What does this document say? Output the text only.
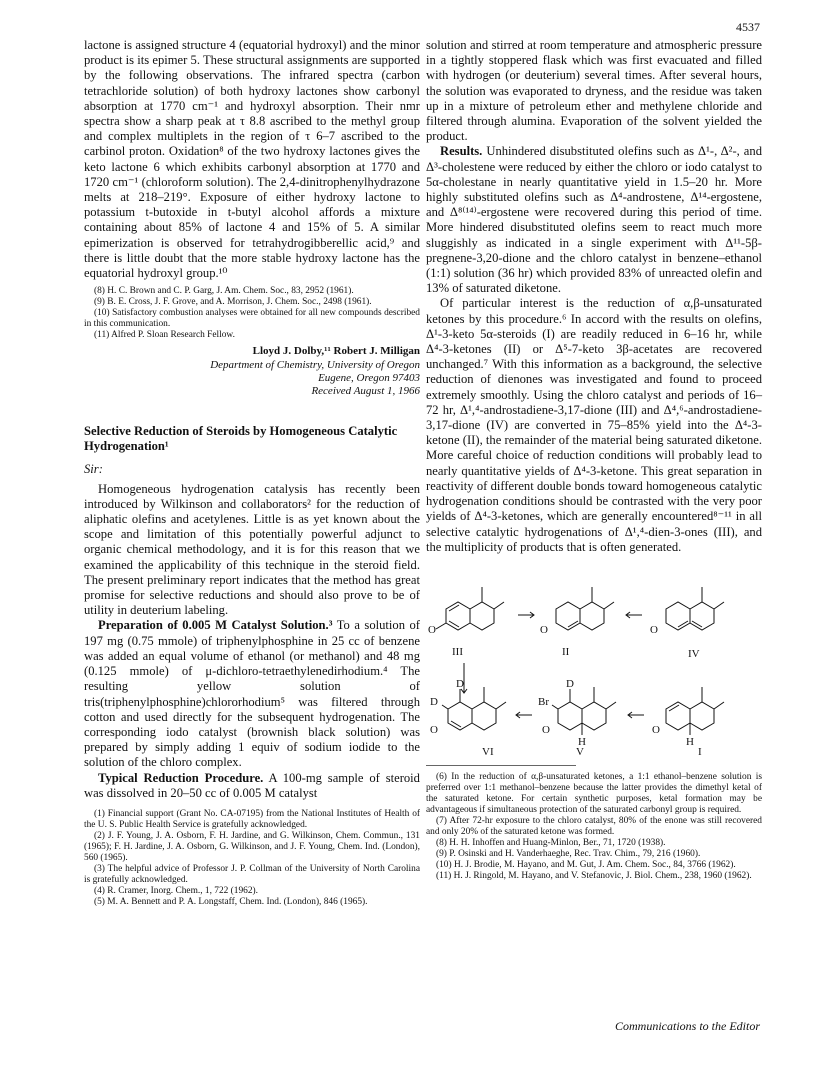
4537

lactone is assigned structure 4 (equatorial hydroxyl) and the minor product is its epimer 5. These structural assignments are supported by the following observations. The infrared spectra (carbon tetrachloride solution) of both hydroxy lactones show carbonyl absorption at 1770 cm⁻¹ and hydroxyl absorption. Their nmr spectra show a sharp peak at τ 8.8 ascribed to the methyl group and complex multiplets in the region of τ 6–7 ascribed to the carbinol proton. Oxidation⁸ of the two hydroxy lactones gives the keto lactone 6 which exhibits carbonyl absorption at 1770 and 1720 cm⁻¹ (chloroform solution). The 2,4-dinitrophenylhydrazone melts at 218–219°. Exposure of either hydroxy lactone to potassium t-butoxide in t-butyl alcohol affords a mixture containing about 85% of lactone 4 and 15% of 5. A similar epimerization is observed for tetrahydrogibberellic acid,⁹ and there is little doubt that the more stable hydroxy lactone has the equatorial hydroxyl group.¹⁰

(8) H. C. Brown and C. P. Garg, J. Am. Chem. Soc., 83, 2952 (1961).
(9) B. E. Cross, J. F. Grove, and A. Morrison, J. Chem. Soc., 2498 (1961).
(10) Satisfactory combustion analyses were obtained for all new compounds described in this communication.
(11) Alfred P. Sloan Research Fellow.
Lloyd J. Dolby,¹¹ Robert J. Milligan
Department of Chemistry, University of Oregon
Eugene, Oregon 97403
Received August 1, 1966
Selective Reduction of Steroids by Homogeneous Catalytic Hydrogenation¹
Sir:

Homogeneous hydrogenation catalysis has recently been introduced by Wilkinson and collaborators² for the reduction of aliphatic olefins and acetylenes. Little is as yet known about the scope and limitation of this potentially powerful adjunct to organic chemical methodology, and it is for this reason that we examined the applicability of this technique in the steroid field. The present preliminary report indicates that the method has great promise for selective reductions and should also prove to be of utility in deuterium labeling.

Preparation of 0.005 M Catalyst Solution.³ To a solution of 197 mg (0.75 mmole) of triphenylphosphine in 25 cc of benzene was added an equal volume of ethanol (or methanol) and 48 mg (0.125 mmole) of μ-dichloro-tetraethylenedirhodium.⁴ The resulting yellow solution of tris(triphenylphosphine)chlororhodium⁵ was filtered through cotton and used directly for the subsequent hydrogenation. The corresponding iodo catalyst (brownish black solution) was prepared by simply adding 1 equiv of sodium iodide to the solution of the chloro complex.

Typical Reduction Procedure. A 100-mg sample of steroid was dissolved in 20–50 cc of 0.005 M catalyst

(1) Financial support (Grant No. CA-07195) from the National Institutes of Health of the U. S. Public Health Service is gratefully acknowledged.
(2) J. F. Young, J. A. Osborn, F. H. Jardine, and G. Wilkinson, Chem. Commun., 131 (1965); F. H. Jardine, J. A. Osborn, G. Wilkinson, and J. F. Young, Chem. Ind. (London), 560 (1965).
(3) The helpful advice of Professor J. P. Collman of the University of North Carolina is gratefully acknowledged.
(4) R. Cramer, Inorg. Chem., 1, 722 (1962).
(5) M. A. Bennett and P. A. Longstaff, Chem. Ind. (London), 846 (1965).

solution and stirred at room temperature and atmospheric pressure in a tightly stoppered flask which was first evacuated and filled with hydrogen (or deuterium) several times. After several hours, the solution was evaporated to dryness, and the residue was taken up in a mixture of petroleum ether and methylene chloride and filtered through alumina. Evaporation of the solvent yielded the product.

Results. Unhindered disubstituted olefins such as Δ¹-, Δ²-, and Δ³-cholestene were reduced by either the chloro or iodo catalyst to 5α-cholestane in nearly quantitative yield in 1.5–20 hr. More highly substituted olefins such as Δ⁴-androstene, Δ¹⁴-ergostene, and Δ⁸⁽¹⁴⁾-ergostene were recovered during this period of time. More hindered disubstituted olefins seem to react much more sluggishly as indicated in a single experiment with Δ¹¹-5β-pregnene-3,20-dione and the chloro catalyst in benzene–ethanol (1:1) solution (36 hr) which provided 83% of unreacted olefin and 13% of saturated diketone.

Of particular interest is the reduction of α,β-unsaturated ketones by this procedure.⁶ In accord with the results on olefins, Δ¹-3-keto 5α-steroids (I) are readily reduced in 6–16 hr, while Δ⁴-3-ketones (II) or Δ⁵-7-keto 3β-acetates are recovered unchanged.⁷ With this information as a background, the selective reduction of dienones was investigated and found to proceed extremely smoothly. Using the chloro catalyst and periods of 16–72 hr, Δ¹,⁴-androstadiene-3,17-dione (III) and Δ⁴,⁶-androstadiene-3,17-dione (IV) are converted in 75–85% yield into the Δ⁴-3-ketone (II), the remainder of the material being saturated diketone. More careful choice of reduction conditions will probably lead to nearly quantitative yields of Δ⁴-3-ketone. This great separation in reactivity of different double bonds toward homogeneous catalytic hydrogenation conditions should be contrasted with the very poor yields of Δ⁴-3-ketones, which are generally encountered⁸⁻¹¹ in all selective catalytic hydrogenations of Δ¹,⁴-dien-3-ones (III), and the multiplicity of products that is often generated.

O	O	O
III	II	IV
D
D
O
D
Br
O
H
O
H
VI	V	I
(6) In the reduction of α,β-unsaturated ketones, a 1:1 ethanol–benzene solution is preferred over 1:1 methanol–benzene because the latter provides the dimethyl ketal of the saturated ketone. For certain synthetic purposes, ketal formation may be advantageous if simultaneous protection of the saturated carbonyl group is required.
(7) After 72-hr exposure to the chloro catalyst, 80% of the enone was still recovered and only 20% of the saturated ketone was formed.
(8) H. H. Inhoffen and Huang-Minlon, Ber., 71, 1720 (1938).
(9) P. Osinski and H. Vanderhaeghe, Rec. Trav. Chim., 79, 216 (1960).
(10) H. J. Brodie, M. Hayano, and M. Gut, J. Am. Chem. Soc., 84, 3766 (1962).
(11) H. J. Ringold, M. Hayano, and V. Stefanovic, J. Biol. Chem., 238, 1960 (1962).
Communications to the Editor
